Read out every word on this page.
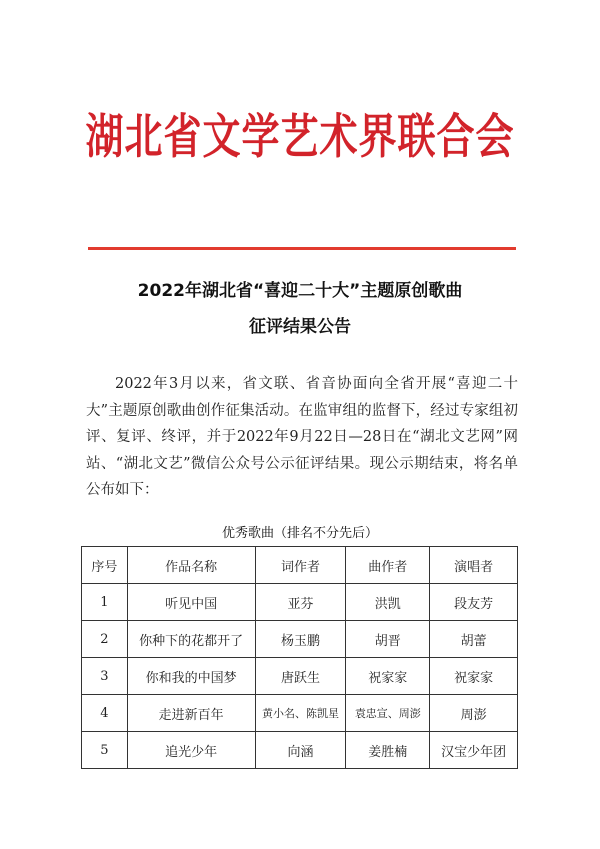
湖北省文学艺术界联合会
2022年湖北省“喜迎二十大”主题原创歌曲
征评结果公告
2022年3月以来，省文联、省音协面向全省开展“喜迎二十大”主题原创歌曲创作征集活动。在监审组的监督下，经过专家组初评、复评、终评，并于2022年9月22日—28日在“湖北文艺网”网站、“湖北文艺”微信公众号公示征评结果。现公示期结束，将名单公布如下：
优秀歌曲（排名不分先后）
序号	作品名称	词作者	曲作者	演唱者
1	听见中国	亚芬	洪凯	段友芳
2	你种下的花都开了	杨玉鹏	胡晋	胡蕾
3	你和我的中国梦	唐跃生	祝家家	祝家家
4	走进新百年	黄小名、陈凯星	袁忠宣、周澎	周澎
5	追光少年	向涵	姜胜楠	汉宝少年团
